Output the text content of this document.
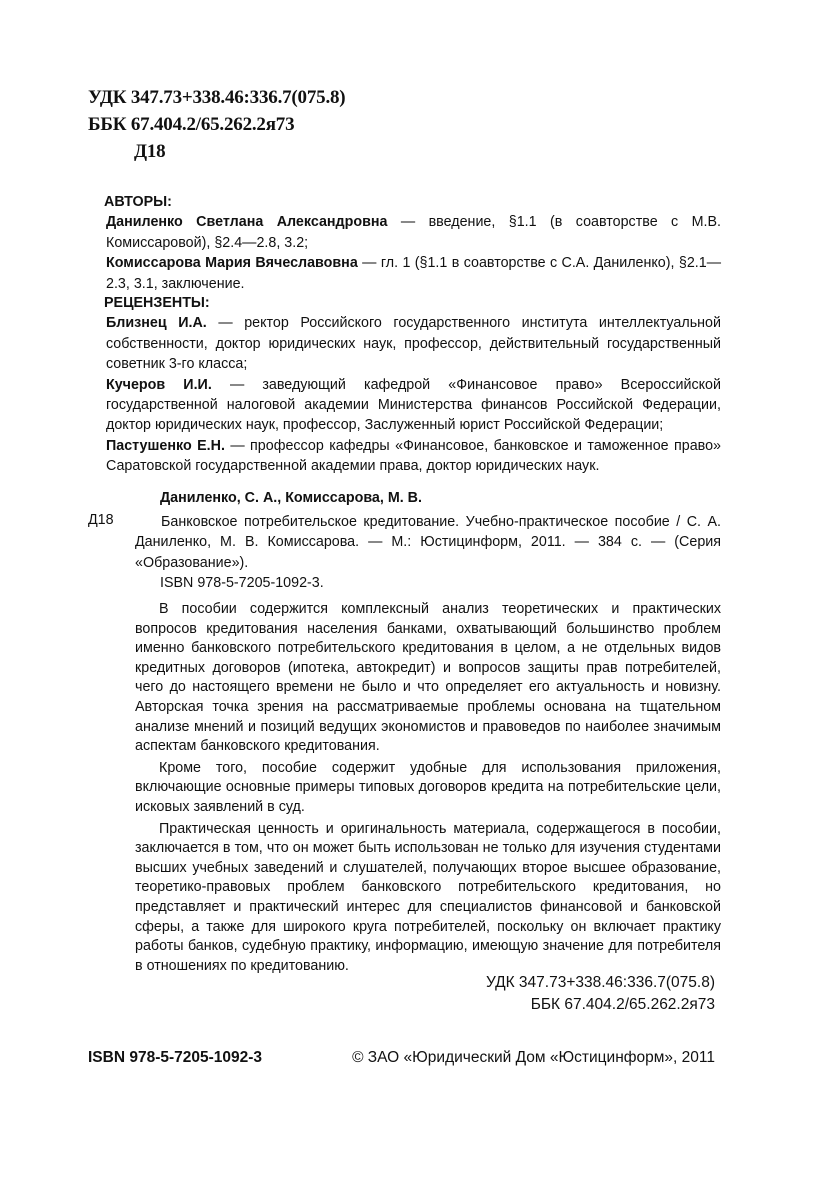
УДК 347.73+338.46:336.7(075.8)
ББК 67.404.2/65.262.2я73

Д18
АВТОРЫ:
Даниленко Светлана Александровна — введение, §1.1 (в соавторстве с М.В. Комиссаровой), §2.4—2.8, 3.2;
Комиссарова Мария Вячеславовна — гл. 1 (§1.1 в соавторстве с С.А. Даниленко), §2.1—2.3, 3.1, заключение.
РЕЦЕНЗЕНТЫ:
Близнец И.А. — ректор Российского государственного института интеллектуальной собственности, доктор юридических наук, профессор, действительный государственный советник 3-го класса;
Кучеров И.И. — заведующий кафедрой «Финансовое право» Всероссийской государственной налоговой академии Министерства финансов Российской Федерации, доктор юридических наук, профессор, Заслуженный юрист Российской Федерации;
Пастушенко Е.Н. — профессор кафедры «Финансовое, банковское и таможенное право» Саратовской государственной академии права, доктор юридических наук.
Даниленко, С. А., Комиссарова, М. В.
Д18	Банковское потребительское кредитование. Учебно-практическое пособие / С. А. Даниленко, М. В. Комиссарова. — М.: Юстицинформ, 2011. — 384 с. — (Серия «Образование»).
ISBN 978-5-7205-1092-3.

В пособии содержится комплексный анализ теоретических и практических вопросов кредитования населения банками, охватывающий большинство проблем именно банковского потребительского кредитования в целом, а не отдельных видов кредитных договоров (ипотека, автокредит) и вопросов защиты прав потребителей, чего до настоящего времени не было и что определяет его актуальность и новизну. Авторская точка зрения на рассматриваемые проблемы основана на тщательном анализе мнений и позиций ведущих экономистов и правоведов по наиболее значимым аспектам банковского кредитования.

Кроме того, пособие содержит удобные для использования приложения, включающие основные примеры типовых договоров кредита на потребительские цели, исковых заявлений в суд.

Практическая ценность и оригинальность материала, содержащегося в пособии, заключается в том, что он может быть использован не только для изучения студентами высших учебных заведений и слушателей, получающих второе высшее образование, теоретико-правовых проблем банковского потребительского кредитования, но представляет и практический интерес для специалистов финансовой и банковской сферы, а также для широкого круга потребителей, поскольку он включает практику работы банков, судебную практику, информацию, имеющую значение для потребителя в отношениях по кредитованию.

УДК 347.73+338.46:336.7(075.8)
ББК 67.404.2/65.262.2я73
ISBN 978-5-7205-1092-3	© ЗАО «Юридический Дом «Юстицинформ», 2011
